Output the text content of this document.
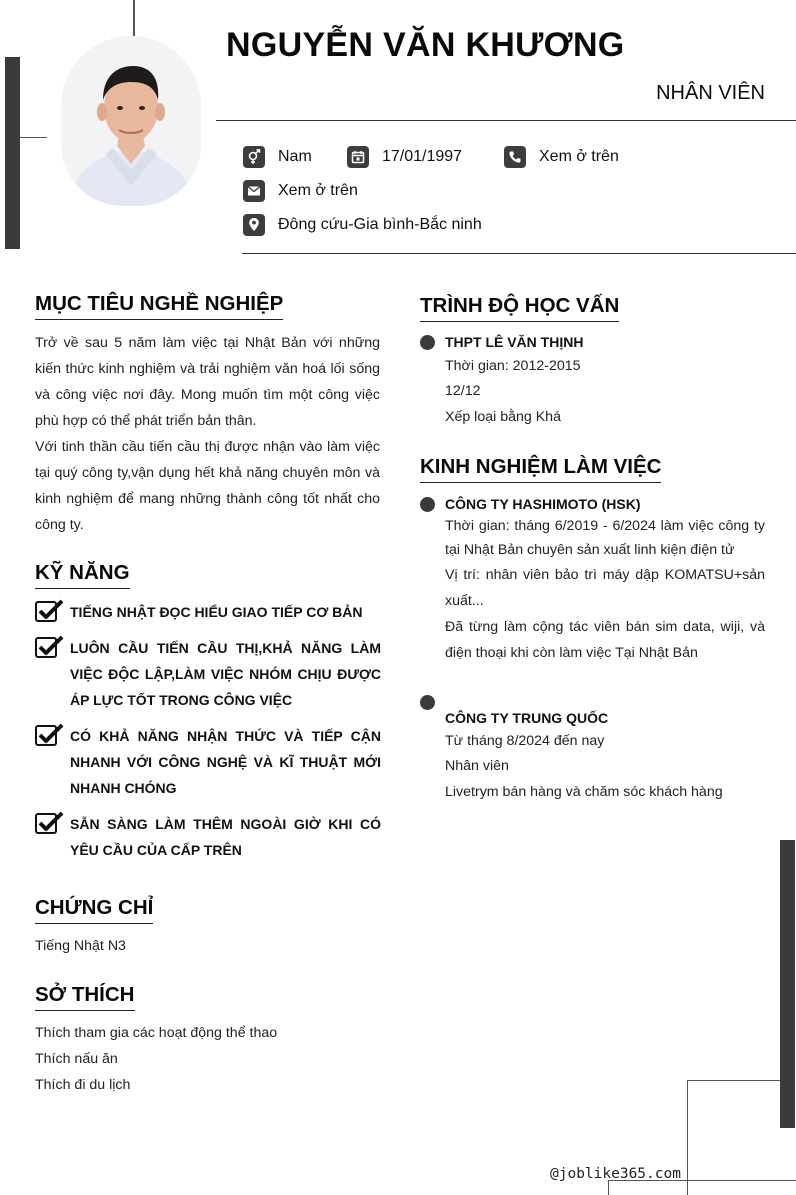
NGUYỄN VĂN KHƯƠNG
NHÂN VIÊN
Nam	17/01/1997	Xem ở trên
Xem ở trên
Đông cứu-Gia bình-Bắc ninh
MỤC TIÊU NGHỀ NGHIỆP
Trở về sau 5 năm làm việc tại Nhật Bản với những kiến thức kinh nghiệm và trải nghiệm văn hoá lối sống và công việc nơi đây. Mong muốn tìm một công việc phù hợp có thể phát triển bản thân.
Với tinh thần cầu tiến cầu thị được nhận vào làm việc tại quý công ty,vận dụng hết khả năng chuyên môn và kinh nghiệm để mang những thành công tốt nhất cho công ty.
KỸ NĂNG
TIẾNG NHẬT ĐỌC HIỂU GIAO TIẾP CƠ BẢN
LUÔN CẦU TIẾN CẦU THỊ,KHẢ NĂNG LÀM VIỆC ĐỘC LẬP,LÀM VIỆC NHÓM CHỊU ĐƯỢC ÁP LỰC TỐT TRONG CÔNG VIỆC
CÓ KHẢ NĂNG NHẬN THỨC VÀ TIẾP CẬN NHANH VỚI CÔNG NGHỆ VÀ KĨ THUẬT MỚI NHANH CHÓNG
SẴN SÀNG LÀM THÊM NGOÀI GIỜ KHI CÓ YÊU CẦU CỦA CẤP TRÊN
CHỨNG CHỈ
Tiếng Nhật N3
SỞ THÍCH
Thích tham gia các hoạt động thể thao
Thích nấu ăn
Thích đi du lịch
TRÌNH ĐỘ HỌC VẤN
THPT LÊ VĂN THỊNH
Thời gian: 2012-2015
12/12
Xếp loại bằng Khá
KINH NGHIỆM LÀM VIỆC
CÔNG TY HASHIMOTO (HSK)
Thời gian: tháng 6/2019 - 6/2024 làm việc công ty tại Nhật Bản chuyên sản xuất linh kiện điện tử
Vị trí: nhân viên bảo trì máy dập KOMATSU+sản xuất...
Đã từng làm cộng tác viên bán sim data, wiji, và điện thoại khi còn làm việc Tại Nhật Bản
CÔNG TY TRUNG QUỐC
Từ tháng 8/2024 đến nay
Nhân viên
Livetrym bán hàng và chăm sóc khách hàng
@joblike365.com
